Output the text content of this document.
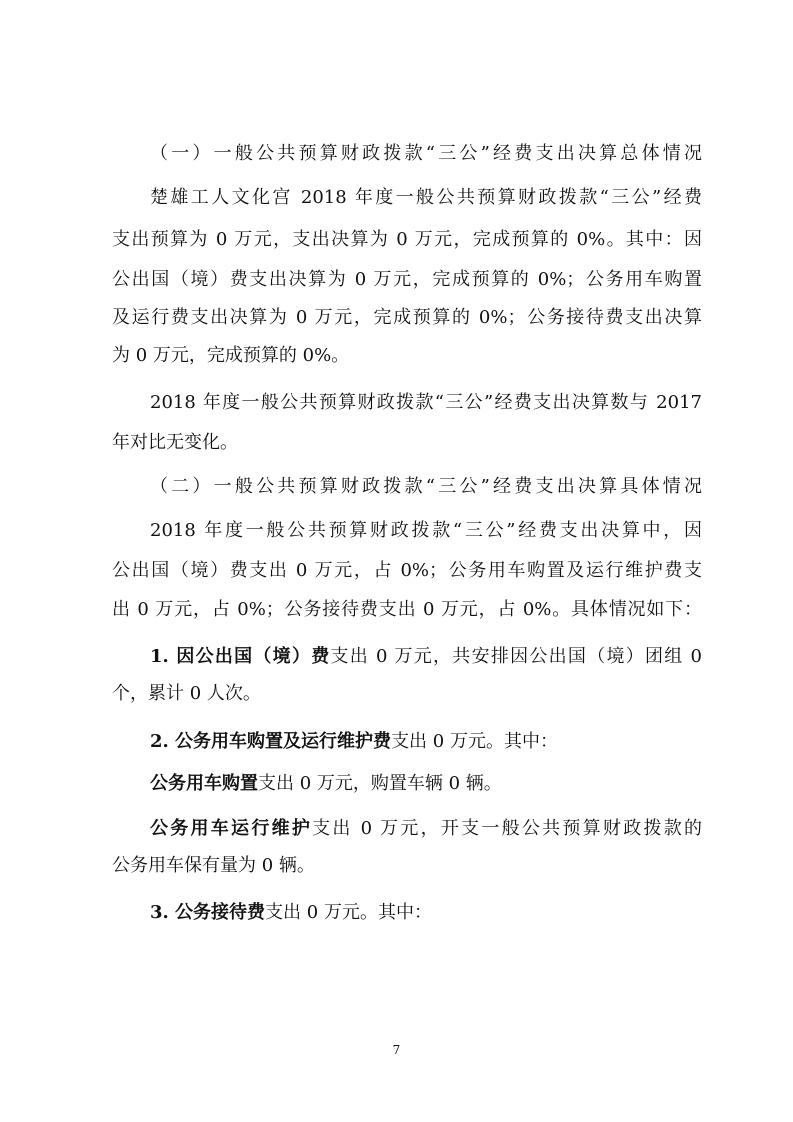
（一）一般公共预算财政拨款“三公”经费支出决算总体情况
楚雄工人文化宫 2018 年度一般公共预算财政拨款“三公”经费
支出预算为 0 万元，支出决算为 0 万元，完成预算的 0%。其中：因
公出国（境）费支出决算为 0 万元，完成预算的 0%；公务用车购置
及运行费支出决算为 0 万元，完成预算的 0%；公务接待费支出决算
为 0 万元，完成预算的 0%。
2018 年度一般公共预算财政拨款“三公”经费支出决算数与 2017
年对比无变化。
（二）一般公共预算财政拨款“三公”经费支出决算具体情况
2018 年度一般公共预算财政拨款“三公”经费支出决算中，因
公出国（境）费支出 0 万元，占 0%；公务用车购置及运行维护费支
出 0 万元，占 0%；公务接待费支出 0 万元，占 0%。具体情况如下：
1. 因公出国（境）费支出 0 万元，共安排因公出国（境）团组 0
个，累计 0 人次。
2. 公务用车购置及运行维护费支出 0 万元。其中：
公务用车购置支出 0 万元，购置车辆 0 辆。
公务用车运行维护支出 0 万元，开支一般公共预算财政拨款的
公务用车保有量为 0 辆。
3. 公务接待费支出 0 万元。其中：
7
